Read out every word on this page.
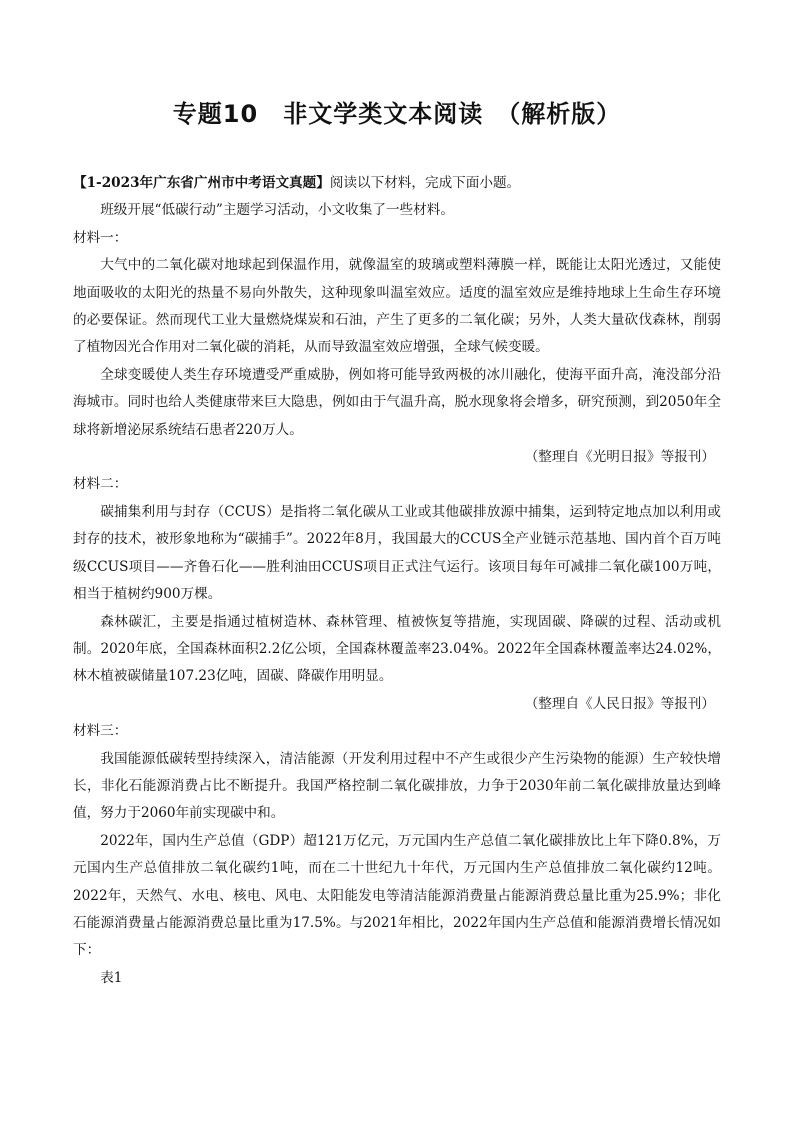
专题10　非文学类文本阅读　（解析版）

【1-2023年广东省广州市中考语文真题】阅读以下材料，完成下面小题。

班级开展“低碳行动”主题学习活动，小文收集了一些材料。

材料一：

大气中的二氧化碳对地球起到保温作用，就像温室的玻璃或塑料薄膜一样，既能让太阳光透过，又能使地面吸收的太阳光的热量不易向外散失，这种现象叫温室效应。适度的温室效应是维持地球上生命生存环境的必要保证。然而现代工业大量燃烧煤炭和石油，产生了更多的二氧化碳；另外，人类大量砍伐森林，削弱了植物因光合作用对二氧化碳的消耗，从而导致温室效应增强，全球气候变暖。

全球变暖使人类生存环境遭受严重威胁，例如将可能导致两极的冰川融化，使海平面升高，淹没部分沿海城市。同时也给人类健康带来巨大隐患，例如由于气温升高，脱水现象将会增多，研究预测，到2050年全球将新增泌尿系统结石患者220万人。

（整理自《光明日报》等报刊）

材料二：

碳捕集利用与封存（CCUS）是指将二氧化碳从工业或其他碳排放源中捕集，运到特定地点加以利用或封存的技术，被形象地称为“碳捕手”。2022年8月，我国最大的CCUS全产业链示范基地、国内首个百万吨级CCUS项目——齐鲁石化——胜利油田CCUS项目正式注气运行。该项目每年可减排二氧化碳100万吨，相当于植树约900万棵。

森林碳汇，主要是指通过植树造林、森林管理、植被恢复等措施，实现固碳、降碳的过程、活动或机制。2020年底，全国森林面积2.2亿公顷，全国森林覆盖率23.04%。2022年全国森林覆盖率达24.02%，林木植被碳储量107.23亿吨，固碳、降碳作用明显。

（整理自《人民日报》等报刊）

材料三：

我国能源低碳转型持续深入，清洁能源（开发利用过程中不产生或很少产生污染物的能源）生产较快增长，非化石能源消费占比不断提升。我国严格控制二氧化碳排放，力争于2030年前二氧化碳排放量达到峰值，努力于2060年前实现碳中和。

2022年，国内生产总值（GDP）超121万亿元，万元国内生产总值二氧化碳排放比上年下降0.8%，万元国内生产总值排放二氧化碳约1吨，而在二十世纪九十年代，万元国内生产总值排放二氧化碳约12吨。2022年，天然气、水电、核电、风电、太阳能发电等清洁能源消费量占能源消费总量比重为25.9%；非化石能源消费量占能源消费总量比重为17.5%。与2021年相比，2022年国内生产总值和能源消费增长情况如下：

表1
